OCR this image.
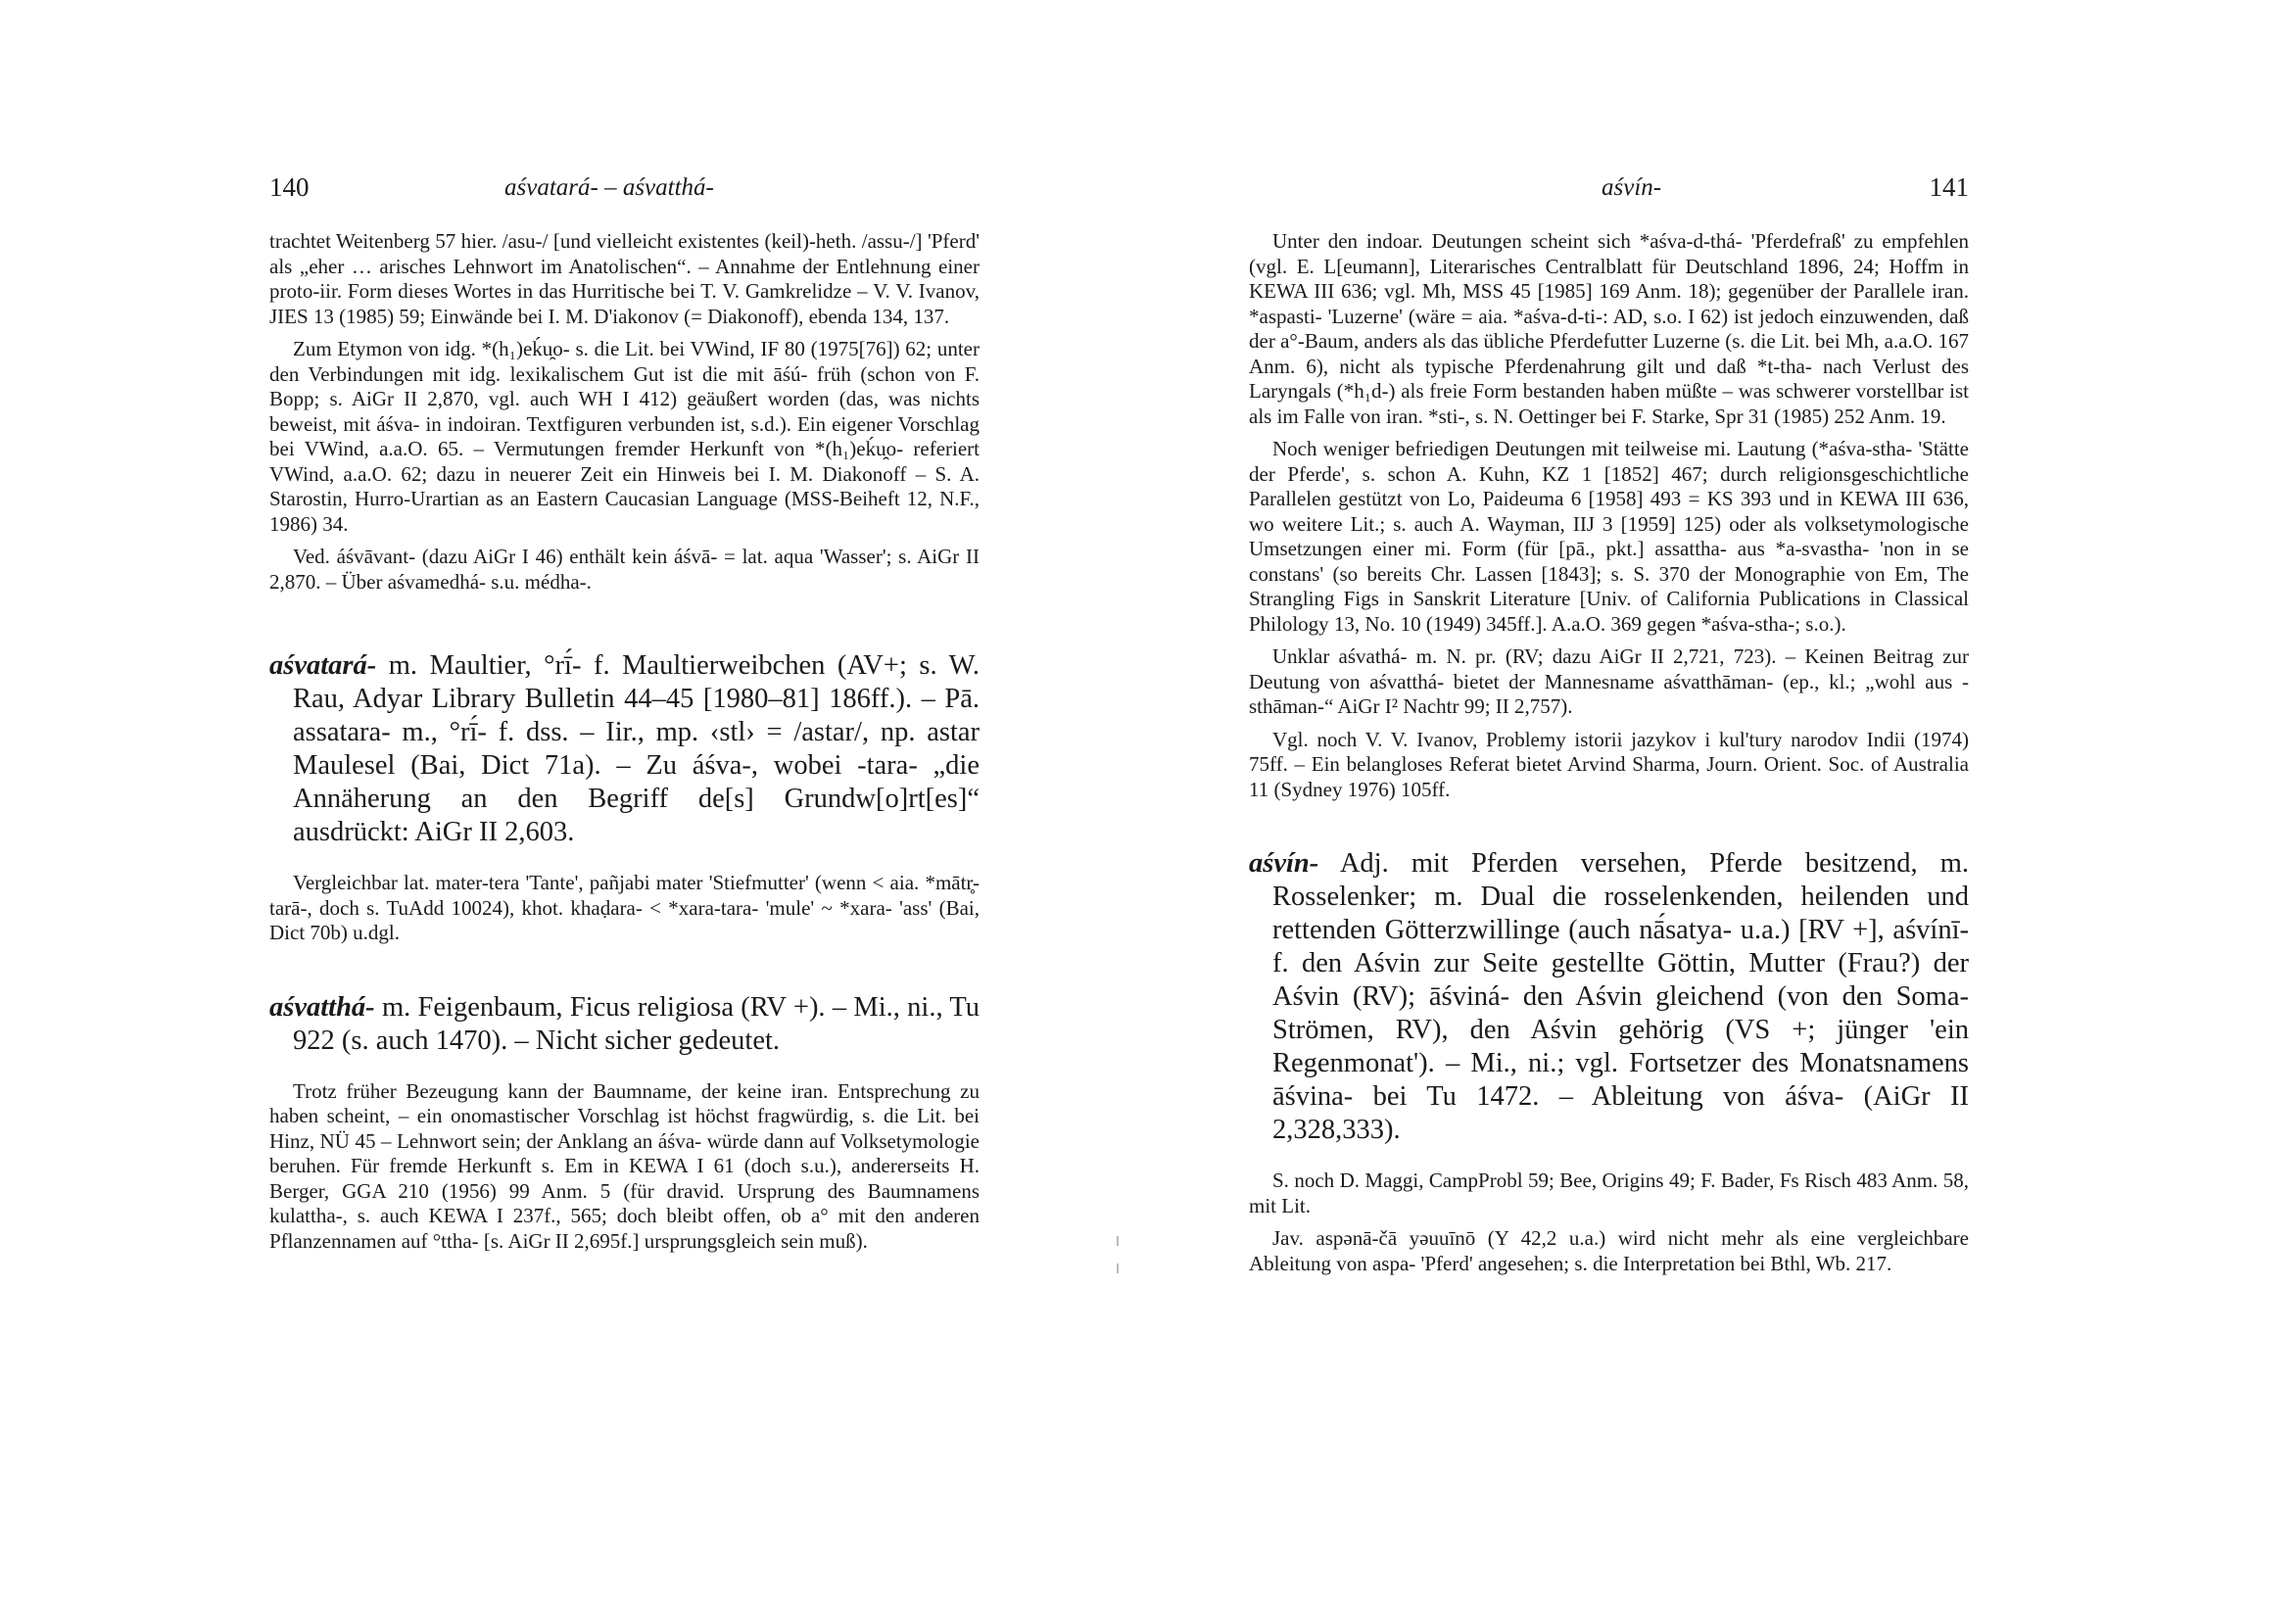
140	aśvatará- – aśvatthá-

trachtet Weitenberg 57 hier. /asu-/ [und vielleicht existentes (keil)-heth. /assu-/] 'Pferd' als „eher … arisches Lehnwort im Anatolischen“. – Annahme der Entlehnung einer proto-iir. Form dieses Wortes in das Hurritische bei T. V. Gamkrelidze – V. V. Ivanov, JIES 13 (1985) 59; Einwände bei I. M. D'iakonov (= Diakonoff), ebenda 134, 137.

Zum Etymon von idg. *(h₁)eḱu̯o- s. die Lit. bei VWind, IF 80 (1975[76]) 62; unter den Verbindungen mit idg. lexikalischem Gut ist die mit āśú- früh (schon von F. Bopp; s. AiGr II 2,870, vgl. auch WH I 412) geäußert worden (das, was nichts beweist, mit áśva- in indoiran. Textfiguren verbunden ist, s.d.). Ein eigener Vorschlag bei VWind, a.a.O. 65. – Vermutungen fremder Herkunft von *(h₁)eḱu̯o- referiert VWind, a.a.O. 62; dazu in neuerer Zeit ein Hinweis bei I. M. Diakonoff – S. A. Starostin, Hurro-Urartian as an Eastern Caucasian Language (MSS-Beiheft 12, N.F., 1986) 34.

Ved. áśvāvant- (dazu AiGr I 46) enthält kein áśvā- = lat. aqua 'Wasser'; s. AiGr II 2,870. – Über aśvamedhá- s.u. médha-.

aśvatará- m. Maultier, °rī́- f. Maultierweibchen (AV+; s. W. Rau, Adyar Library Bulletin 44–45 [1980–81] 186ff.). – Pā. assatara- m., °rī́- f. dss. – Iir., mp. ‹stl› = /astar/, np. astar Maulesel (Bai, Dict 71a). – Zu áśva-, wobei -tara- „die Annäherung an den Begriff de[s] Grundw[o]rt[es]“ ausdrückt: AiGr II 2,603.

Vergleichbar lat. mater-tera 'Tante', pañjabi mater 'Stiefmutter' (wenn < aia. *mātr̥-tarā-, doch s. TuAdd 10024), khot. khaḍara- < *xara-tara- 'mule' ~ *xara- 'ass' (Bai, Dict 70b) u.dgl.

aśvatthá- m. Feigenbaum, Ficus religiosa (RV +). – Mi., ni., Tu 922 (s. auch 1470). – Nicht sicher gedeutet.

Trotz früher Bezeugung kann der Baumname, der keine iran. Entsprechung zu haben scheint, – ein onomastischer Vorschlag ist höchst fragwürdig, s. die Lit. bei Hinz, NÜ 45 – Lehnwort sein; der Anklang an áśva- würde dann auf Volksetymologie beruhen. Für fremde Herkunft s. Em in KEWA I 61 (doch s.u.), andererseits H. Berger, GGA 210 (1956) 99 Anm. 5 (für dravid. Ursprung des Baumnamens kulattha-, s. auch KEWA I 237f., 565; doch bleibt offen, ob a° mit den anderen Pflanzennamen auf °ttha- [s. AiGr II 2,695f.] ursprungsgleich sein muß).

aśvín-	141

Unter den indoar. Deutungen scheint sich *aśva-d-thá- 'Pferdefraß' zu empfehlen (vgl. E. L[eumann], Literarisches Centralblatt für Deutschland 1896, 24; Hoffm in KEWA III 636; vgl. Mh, MSS 45 [1985] 169 Anm. 18); gegenüber der Parallele iran. *aspasti- 'Luzerne' (wäre = aia. *aśva-d-ti-: AD, s.o. I 62) ist jedoch einzuwenden, daß der a°-Baum, anders als das übliche Pferdefutter Luzerne (s. die Lit. bei Mh, a.a.O. 167 Anm. 6), nicht als typische Pferdenahrung gilt und daß *t-tha- nach Verlust des Laryngals (*h₁d-) als freie Form bestanden haben müßte – was schwerer vorstellbar ist als im Falle von iran. *sti-, s. N. Oettinger bei F. Starke, Spr 31 (1985) 252 Anm. 19.

Noch weniger befriedigen Deutungen mit teilweise mi. Lautung (*aśva-stha- 'Stätte der Pferde', s. schon A. Kuhn, KZ 1 [1852] 467; durch religionsgeschichtliche Parallelen gestützt von Lo, Paideuma 6 [1958] 493 = KS 393 und in KEWA III 636, wo weitere Lit.; s. auch A. Wayman, IIJ 3 [1959] 125) oder als volksetymologische Umsetzungen einer mi. Form (für [pā., pkt.] assattha- aus *a-svastha- 'non in se constans' (so bereits Chr. Lassen [1843]; s. S. 370 der Monographie von Em, The Strangling Figs in Sanskrit Literature [Univ. of California Publications in Classical Philology 13, No. 10 (1949) 345ff.]. A.a.O. 369 gegen *aśva-stha-; s.o.).

Unklar aśvathá- m. N. pr. (RV; dazu AiGr II 2,721, 723). – Keinen Beitrag zur Deutung von aśvatthá- bietet der Mannesname aśvatthāman- (ep., kl.; „wohl aus -sthāman-“ AiGr I² Nachtr 99; II 2,757).

Vgl. noch V. V. Ivanov, Problemy istorii jazykov i kul'tury narodov Indii (1974) 75ff. – Ein belangloses Referat bietet Arvind Sharma, Journ. Orient. Soc. of Australia 11 (Sydney 1976) 105ff.

aśvín- Adj. mit Pferden versehen, Pferde besitzend, m. Rosselenker; m. Dual die rosselenkenden, heilenden und rettenden Götterzwillinge (auch nā́satya- u.a.) [RV +], aśvínī- f. den Aśvin zur Seite gestellte Göttin, Mutter (Frau?) der Aśvin (RV); āśviná- den Aśvin gleichend (von den Soma-Strömen, RV), den Aśvin gehörig (VS +; jünger 'ein Regenmonat'). – Mi., ni.; vgl. Fortsetzer des Monatsnamens āśvina- bei Tu 1472. – Ableitung von áśva- (AiGr II 2,328,333).

S. noch D. Maggi, CampProbl 59; Bee, Origins 49; F. Bader, Fs Risch 483 Anm. 58, mit Lit.

Jav. aspənā-čā yəuuīnō (Y 42,2 u.a.) wird nicht mehr als eine vergleichbare Ableitung von aspa- 'Pferd' angesehen; s. die Interpretation bei Bthl, Wb. 217.
